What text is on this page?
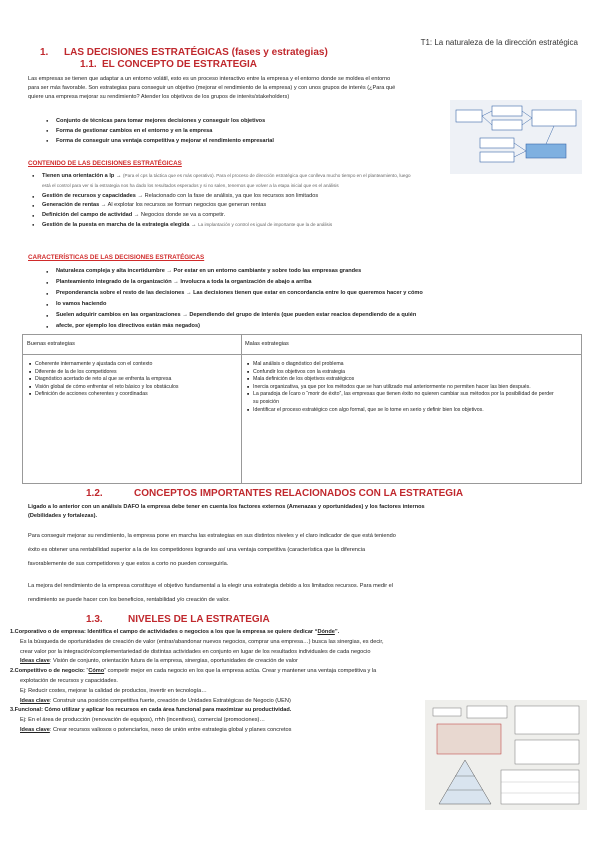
T1: La naturaleza de la dirección estratégica
1. LAS DECISIONES ESTRATÉGICAS (fases y estrategias)
1.1. EL CONCEPTO DE ESTRATEGIA
Las empresas se tienen que adaptar a un entorno volátil, esto es un proceso interactivo entre la empresa y el entorno donde se moldea el entorno
para ser más favorable. Son estrategias para conseguir un objetivo (mejorar el rendimiento de la empresa) y con unos grupos de interés (¿Para qué
quiere una empresa mejorar su rendimiento? Atender los objetivos de los grupos de interés/stakeholders)
● Conjunto de técnicas para tomar mejores decisiones y conseguir los objetivos
● Forma de gestionar cambios en el entorno y en la empresa
● Forma de conseguir una ventaja competitiva y mejorar el rendimiento empresarial
CONTENIDO DE LAS DECISIONES ESTRATÉGICAS
● Tienen una orientación a lp → (Para el cps la táctica que es más operativo). Para el proceso de dirección estratégica que conlleva mucho tiempo en el planteamiento, luego
está el control para ver si la estrategia nos ha dado los resultados esperados y si no salen, tenemos que volver a la etapa inicial que es el análisis
● Gestión de recursos y capacidades → Relacionado con la fase de análisis, ya que los recursos son limitados
● Generación de rentas → Al explotar los recursos se forman negocios que generan rentas
● Definición del campo de actividad → Negocios donde se va a competir.
● Gestión de la puesta en marcha de la estrategia elegida → La implantación y control es igual de importante que la de análisis
CARACTERÍSTICAS DE LAS DECISIONES ESTRATÉGICAS
● Naturaleza compleja y alta incertidumbre → Por estar en un entorno cambiante y sobre todo las empresas grandes
● Planteamiento integrado de la organización → Involucra a toda la organización de abajo a arriba
● Preponderancia sobre el resto de las decisiones → Las decisiones tienen que estar en concordancia entre lo que queremos hacer y cómo
● lo vamos haciendo
● Suelen adquirir cambios en las organizaciones → Dependiendo del grupo de interés (que pueden estar reacios dependiendo de a quién
● afecte, por ejemplo los directivos están más negados)
Buenas estrategias
■ Coherente internamente y ajustada con el contexto
■ Diferente de la de los competidores
■ Diagnóstico acertado de reto al que se enfrenta la empresa
■ Visión global de cómo enfrentar el reto básico y los obstáculos
■ Definición de acciones coherentes y coordinadas
Malas estrategias
■ Mal análisis o diagnóstico del problema
■ Confundir los objetivos con la estrategia
■ Mala definición de los objetivos estratégicos
■ Inercia organizativa, ya que por los métodos que se han utilizado mal anteriormente no permiten hacer las bien después.
■ La paradoja de Ícaro o “morir de éxito”, las empresas que tienen éxito no quieren cambiar sus métodos por la posibilidad de perder su posición
■ Identificar el proceso estratégico con algo formal, que se lo tome en serio y definir bien los objetivos.
1.2.	CONCEPTOS IMPORTANTES RELACIONADOS CON LA ESTRATEGIA
Ligado a lo anterior con un análisis DAFO la empresa debe tener en cuenta los factores externos (Amenazas y oportunidades) y los factores internos
(Debilidades y fortalezas).
Para conseguir mejorar su rendimiento, la empresa pone en marcha las estrategias en sus distintos niveles y el claro indicador de que está teniendo
éxito es obtener una rentabilidad superior a la de los competidores logrando así una ventaja competitiva (característica que la diferencia
favorablemente de sus competidores y que estos a corto no pueden conseguirla.
La mejora del rendimiento de la empresa constituye el objetivo fundamental a la elegir una estrategia debido a los limitados recursos. Para medir el
rendimiento se puede hacer con los beneficios, rentabilidad y/o creación de valor.
1.3.	NIVELES DE LA ESTRATEGIA
1.Corporativo o de empresa: Identifica el campo de actividades o negocios a los que la empresa se quiere dedicar “Dónde”.
Es la búsqueda de oportunidades de creación de valor (entrar/abandonar nuevos negocios, comprar una empresa…) busca las sinergias, es decir,
crear valor por la integración/complementariedad de distintas actividades en conjunto en lugar de los resultados individuales de cada negocio
Ideas clave: Visión de conjunto, orientación futura de la empresa, sinergias, oportunidades de creación de valor
2.Competitivo o de negocio: “Cómo” competir mejor en cada negocio en los que la empresa actúa. Crear y mantener una ventaja competitiva y la
explotación de recursos y capacidades.
Ej: Reducir costes, mejorar la calidad de productos, invertir en tecnología…
Ideas clave: Construir una posición competitiva fuerte, creación de Unidades Estratégicas de Negocio (UEN)
3.Funcional: Cómo utilizar y aplicar los recursos en cada área funcional para maximizar su productividad.
Ej: En el área de producción (renovación de equipos), rrhh (incentivos), comercial (promociones)…
Ideas clave: Crear recursos valiosos o potenciarlos, nexo de unión entre estrategia global y planes concretos
